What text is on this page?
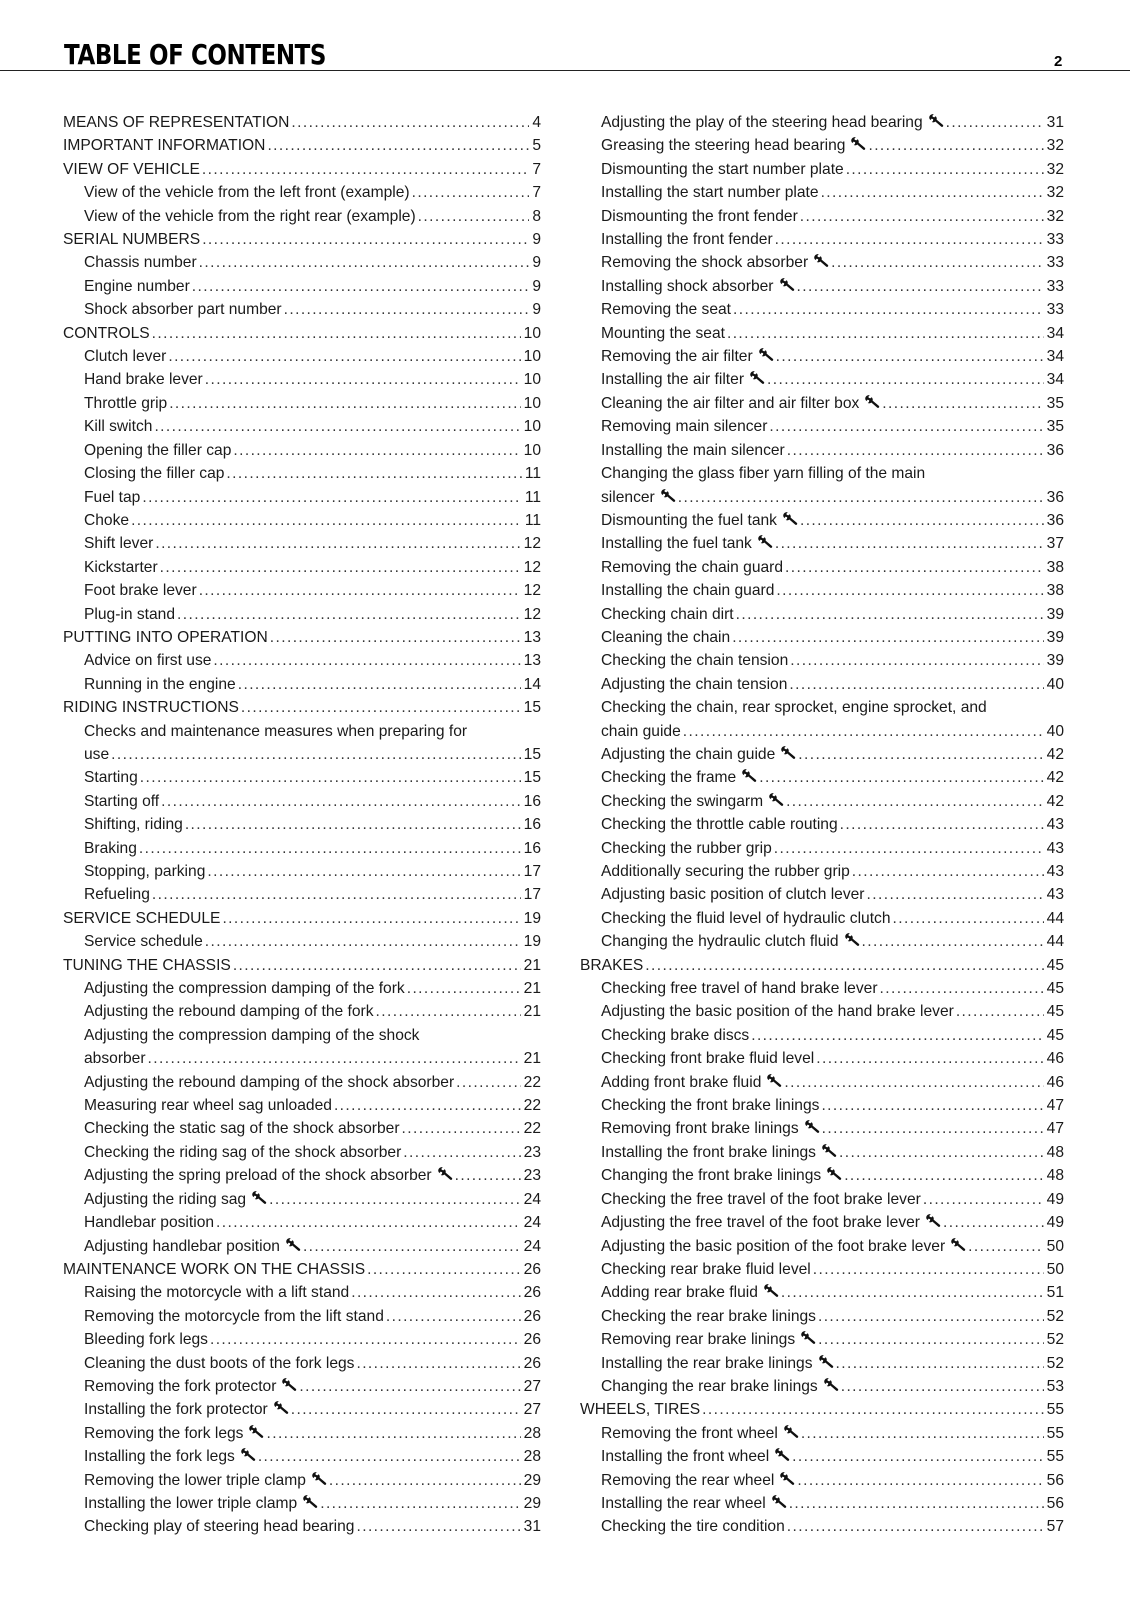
TABLE OF CONTENTS	2
MEANS OF REPRESENTATION .....	4
IMPORTANT INFORMATION .....	5
VIEW OF VEHICLE .....	7
View of the vehicle from the left front (example) .....	7
View of the vehicle from the right rear (example) .....	8
SERIAL NUMBERS .....	9
Chassis number .....	9
Engine number .....	9
Shock absorber part number .....	9
CONTROLS .....	10
Clutch lever .....	10
Hand brake lever .....	10
Throttle grip .....	10
Kill switch .....	10
Opening the filler cap .....	10
Closing the filler cap .....	11
Fuel tap .....	11
Choke .....	11
Shift lever .....	12
Kickstarter .....	12
Foot brake lever .....	12
Plug-in stand .....	12
PUTTING INTO OPERATION .....	13
Advice on first use .....	13
Running in the engine .....	14
RIDING INSTRUCTIONS .....	15
Checks and maintenance measures when preparing for
use .....	15
Starting .....	15
Starting off .....	16
Shifting, riding .....	16
Braking .....	16
Stopping, parking .....	17
Refueling .....	17
SERVICE SCHEDULE .....	19
Service schedule .....	19
TUNING THE CHASSIS .....	21
Adjusting the compression damping of the fork .....	21
Adjusting the rebound damping of the fork .....	21
Adjusting the compression damping of the shock
absorber .....	21
Adjusting the rebound damping of the shock absorber .....	22
Measuring rear wheel sag unloaded .....	22
Checking the static sag of the shock absorber .....	22
Checking the riding sag of the shock absorber .....	23
Adjusting the spring preload of the shock absorber .....	23
Adjusting the riding sag .....	24
Handlebar position .....	24
Adjusting handlebar position .....	24
MAINTENANCE WORK ON THE CHASSIS .....	26
Raising the motorcycle with a lift stand .....	26
Removing the motorcycle from the lift stand .....	26
Bleeding fork legs .....	26
Cleaning the dust boots of the fork legs .....	26
Removing the fork protector .....	27
Installing the fork protector .....	27
Removing the fork legs .....	28
Installing the fork legs .....	28
Removing the lower triple clamp .....	29
Installing the lower triple clamp .....	29
Checking play of steering head bearing .....	31
Adjusting the play of the steering head bearing .....	31
Greasing the steering head bearing .....	32
Dismounting the start number plate .....	32
Installing the start number plate .....	32
Dismounting the front fender .....	32
Installing the front fender .....	33
Removing the shock absorber .....	33
Installing shock absorber .....	33
Removing the seat .....	33
Mounting the seat .....	34
Removing the air filter .....	34
Installing the air filter .....	34
Cleaning the air filter and air filter box .....	35
Removing main silencer .....	35
Installing the main silencer .....	36
Changing the glass fiber yarn filling of the main
silencer .....	36
Dismounting the fuel tank .....	36
Installing the fuel tank .....	37
Removing the chain guard .....	38
Installing the chain guard .....	38
Checking chain dirt .....	39
Cleaning the chain .....	39
Checking the chain tension .....	39
Adjusting the chain tension .....	40
Checking the chain, rear sprocket, engine sprocket, and
chain guide .....	40
Adjusting the chain guide .....	42
Checking the frame .....	42
Checking the swingarm .....	42
Checking the throttle cable routing .....	43
Checking the rubber grip .....	43
Additionally securing the rubber grip .....	43
Adjusting basic position of clutch lever .....	43
Checking the fluid level of hydraulic clutch .....	44
Changing the hydraulic clutch fluid .....	44
BRAKES .....	45
Checking free travel of hand brake lever .....	45
Adjusting the basic position of the hand brake lever .....	45
Checking brake discs .....	45
Checking front brake fluid level .....	46
Adding front brake fluid .....	46
Checking the front brake linings .....	47
Removing front brake linings .....	47
Installing the front brake linings .....	48
Changing the front brake linings .....	48
Checking the free travel of the foot brake lever .....	49
Adjusting the free travel of the foot brake lever .....	49
Adjusting the basic position of the foot brake lever .....	50
Checking rear brake fluid level .....	50
Adding rear brake fluid .....	51
Checking the rear brake linings .....	52
Removing rear brake linings .....	52
Installing the rear brake linings .....	52
Changing the rear brake linings .....	53
WHEELS, TIRES .....	55
Removing the front wheel .....	55
Installing the front wheel .....	55
Removing the rear wheel .....	56
Installing the rear wheel .....	56
Checking the tire condition .....	57
